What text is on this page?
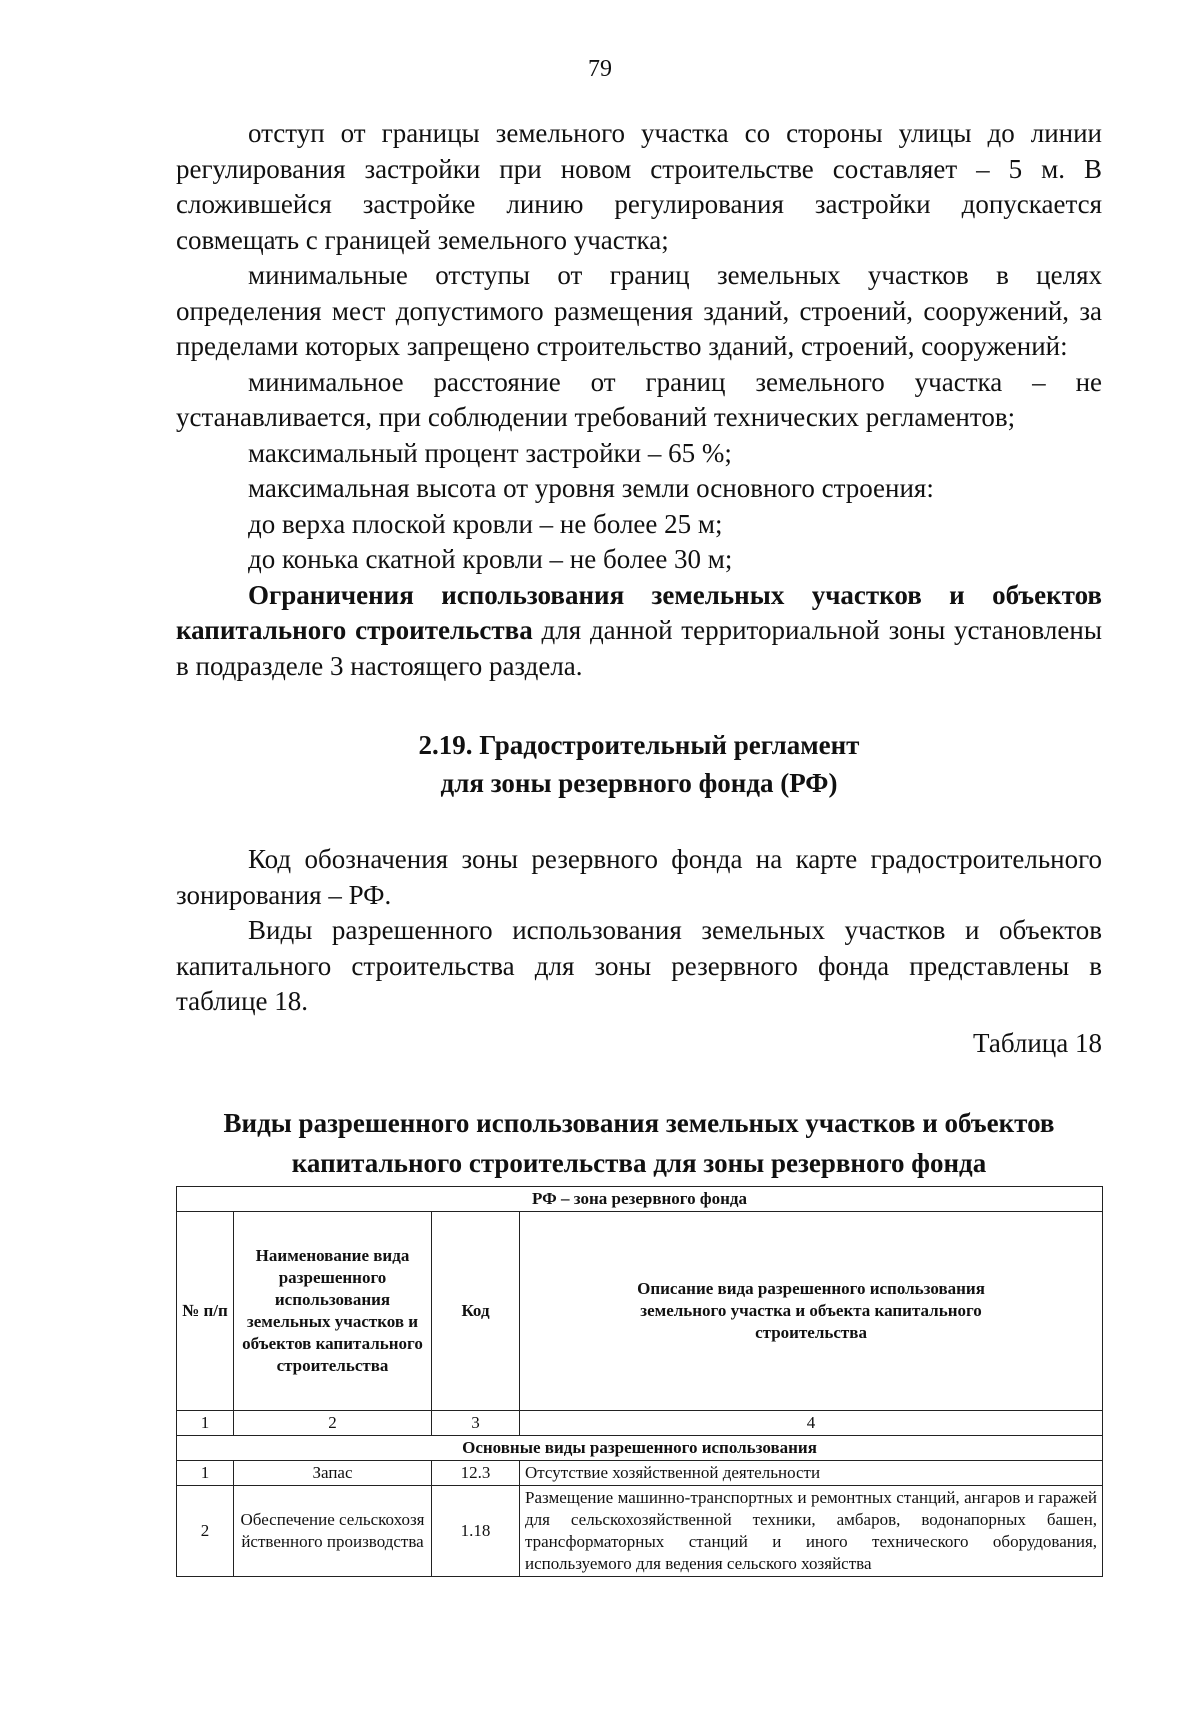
79

отступ от границы земельного участка со стороны улицы до линии регулирования застройки при новом строительстве составляет – 5 м. В сложившейся застройке линию регулирования застройки допускается совмещать с границей земельного участка;

минимальные отступы от границ земельных участков в целях определения мест допустимого размещения зданий, строений, сооружений, за пределами которых запрещено строительство зданий, строений, сооружений:

минимальное расстояние от границ земельного участка – не устанавливается, при соблюдении требований технических регламентов;

максимальный процент застройки – 65 %;

максимальная высота от уровня земли основного строения:

до верха плоской кровли – не более 25 м;

до конька скатной кровли – не более 30 м;

Ограничения использования земельных участков и объектов капитального строительства для данной территориальной зоны установлены в подразделе 3 настоящего раздела.

2.19. Градостроительный регламент
для зоны резервного фонда (РФ)

Код обозначения зоны резервного фонда на карте градостроительного зонирования – РФ.

Виды разрешенного использования земельных участков и объектов капитального строительства для зоны резервного фонда представлены в таблице 18.

Таблица 18

Виды разрешенного использования земельных участков и объектов
капитального строительства для зоны резервного фонда
РФ – зона резервного фонда			
№ п/п	Наименование вида разрешенного использования земельных участков и объектов капитального строительства	Код	Описание вида разрешенного использования земельного участка и объекта капитального строительства
1	2	3	4
Основные виды разрешенного использования			
1	Запас	12.3	Отсутствие хозяйственной деятельности
2	Обеспечение сельскохозяйственного производства	1.18	Размещение машинно-транспортных и ремонтных станций, ангаров и гаражей для сельскохозяйственной техники, амбаров, водонапорных башен, трансформаторных станций и иного технического оборудования, используемого для ведения сельского хозяйства
